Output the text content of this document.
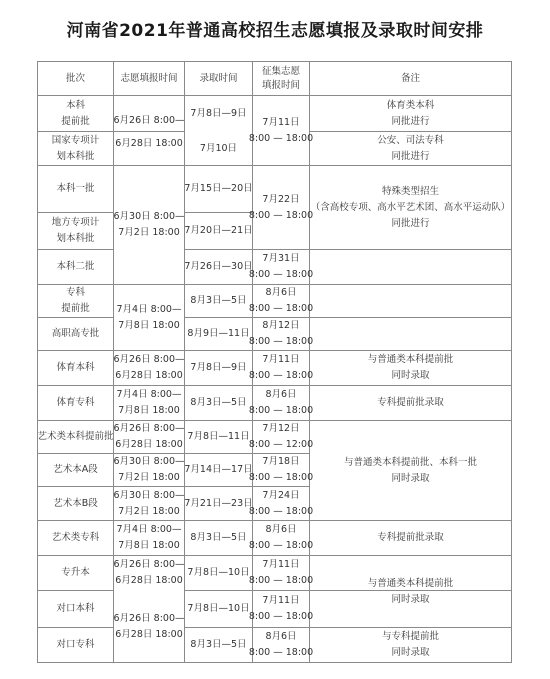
河南省2021年普通高校招生志愿填报及录取时间安排
批次	志愿填报时间 录取时间
征集志愿
填报时间
备注
本科
提前批
国家专项计
划本科批
本科一批
地方专项计
划本科批
本科二批
专科
提前批
高职高专批
体育本科
体育专科
艺术类本科提前批
艺术本A段
艺术本B段
艺术类专科
专升本
对口本科
对口专科
6月26日 8:00—
6月28日 18:00
6月30日 8:00—
7月2日 18:00
7月4日 8:00—
7月8日 18:00
6月26日 8:00—
6月28日 18:00
7月4日 8:00—
7月8日 18:00
6月26日 8:00—
6月28日 18:00
6月30日 8:00—
7月2日 18:00
6月30日 8:00—
7月2日 18:00
7月4日 8:00—
7月8日 18:00
6月26日 8:00—
6月28日 18:00
6月26日 8:00—
6月28日 18:00
7月8日—9日
7月10日
7月15日—20日
7月20日—21日
7月26日—30日
8月3日—5日
8月9日—11日
7月8日—9日
8月3日—5日
7月8日—11日
7月14日—17日
7月21日—23日
8月3日—5日
7月8日—10日
7月8日—10日
8月3日—5日
7月11日
8:00 — 18:00
7月22日
8:00 — 18:00
7月31日
8:00 — 18:00
8月6日
8:00 — 18:00
8月12日
8:00 — 18:00
7月11日
8:00 — 18:00
8月6日
8:00 — 18:00
7月12日
8:00 — 12:00
7月18日
8:00 — 18:00
7月24日
8:00 — 18:00
8月6日
8:00 — 18:00
7月11日
8:00 — 18:00
7月11日
8:00 — 18:00
8月6日
8:00 — 18:00
体育类本科
同批进行
公安、司法专科
同批进行
特殊类型招生
（含高校专项、高水平艺术团、高水平运动队）
同批进行
与普通类本科提前批
同时录取
专科提前批录取
与普通类本科提前批、本科一批
同时录取
专科提前批录取
与普通类本科提前批
同时录取
与专科提前批
同时录取
